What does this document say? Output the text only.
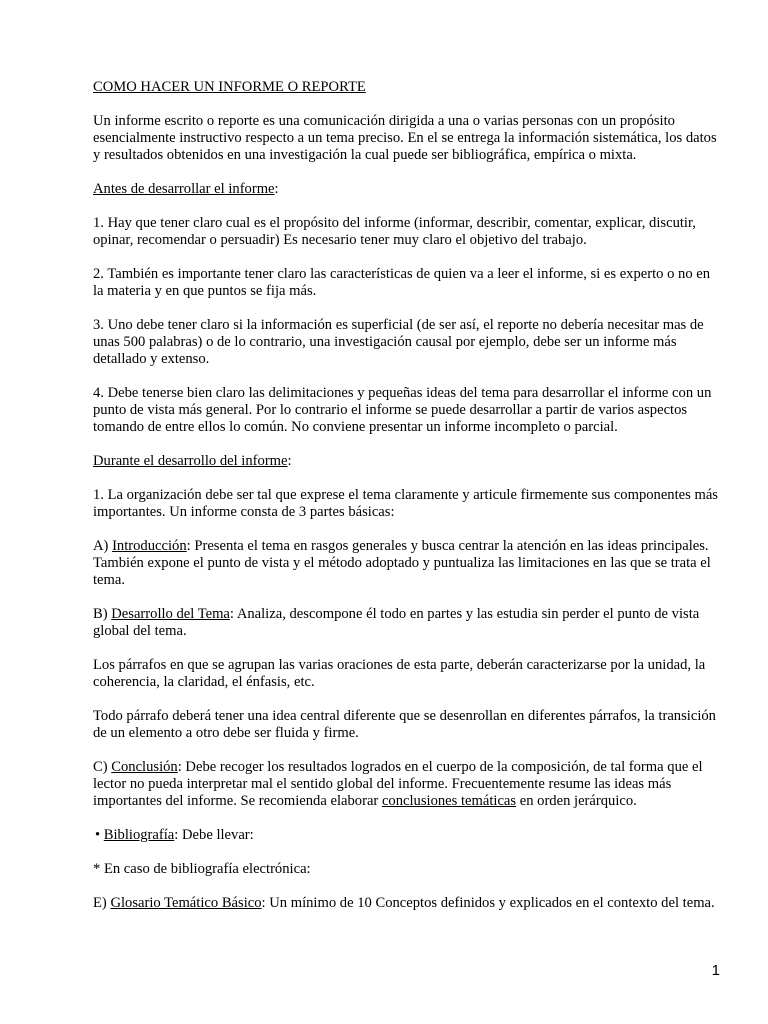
COMO HACER UN INFORME O REPORTE

Un informe escrito o reporte es una comunicación dirigida a una o varias personas con un propósito esencialmente instructivo respecto a un tema preciso. En el se entrega la información sistemática, los datos y resultados obtenidos en una investigación la cual puede ser bibliográfica, empírica o mixta.

Antes de desarrollar el informe:

1. Hay que tener claro cual es el propósito del informe (informar, describir, comentar, explicar, discutir, opinar, recomendar o persuadir) Es necesario tener muy claro el objetivo del trabajo.

2. También es importante tener claro las características de quien va a leer el informe, si es experto o no en la materia y en que puntos se fija más.

3. Uno debe tener claro si la información es superficial (de ser así, el reporte no debería necesitar mas de unas 500 palabras) o de lo contrario, una investigación causal por ejemplo, debe ser un informe más detallado y extenso.

4. Debe tenerse bien claro las delimitaciones y pequeñas ideas del tema para desarrollar el informe con un punto de vista más general. Por lo contrario el informe se puede desarrollar a partir de varios aspectos tomando de entre ellos lo común. No conviene presentar un informe incompleto o parcial.

Durante el desarrollo del informe:

1. La organización debe ser tal que exprese el tema claramente y articule firmemente sus componentes más importantes. Un informe consta de 3 partes básicas:

A) Introducción: Presenta el tema en rasgos generales y busca centrar la atención en las ideas principales. También expone el punto de vista y el método adoptado y puntualiza las limitaciones en las que se trata el tema.

B) Desarrollo del Tema: Analiza, descompone él todo en partes y las estudia sin perder el punto de vista global del tema.

Los párrafos en que se agrupan las varias oraciones de esta parte, deberán caracterizarse por la unidad, la coherencia, la claridad, el énfasis, etc.

Todo párrafo deberá tener una idea central diferente que se desenrollan en diferentes párrafos, la transición de un elemento a otro debe ser fluida y firme.

C) Conclusión: Debe recoger los resultados logrados en el cuerpo de la composición, de tal forma que el lector no pueda interpretar mal el sentido global del informe. Frecuentemente resume las ideas más importantes del informe. Se recomienda elaborar conclusiones temáticas en orden jerárquico.

• Bibliografía: Debe llevar:

* En caso de bibliografía electrónica:

E) Glosario Temático Básico: Un mínimo de 10 Conceptos definidos y explicados en el contexto del tema.

1
